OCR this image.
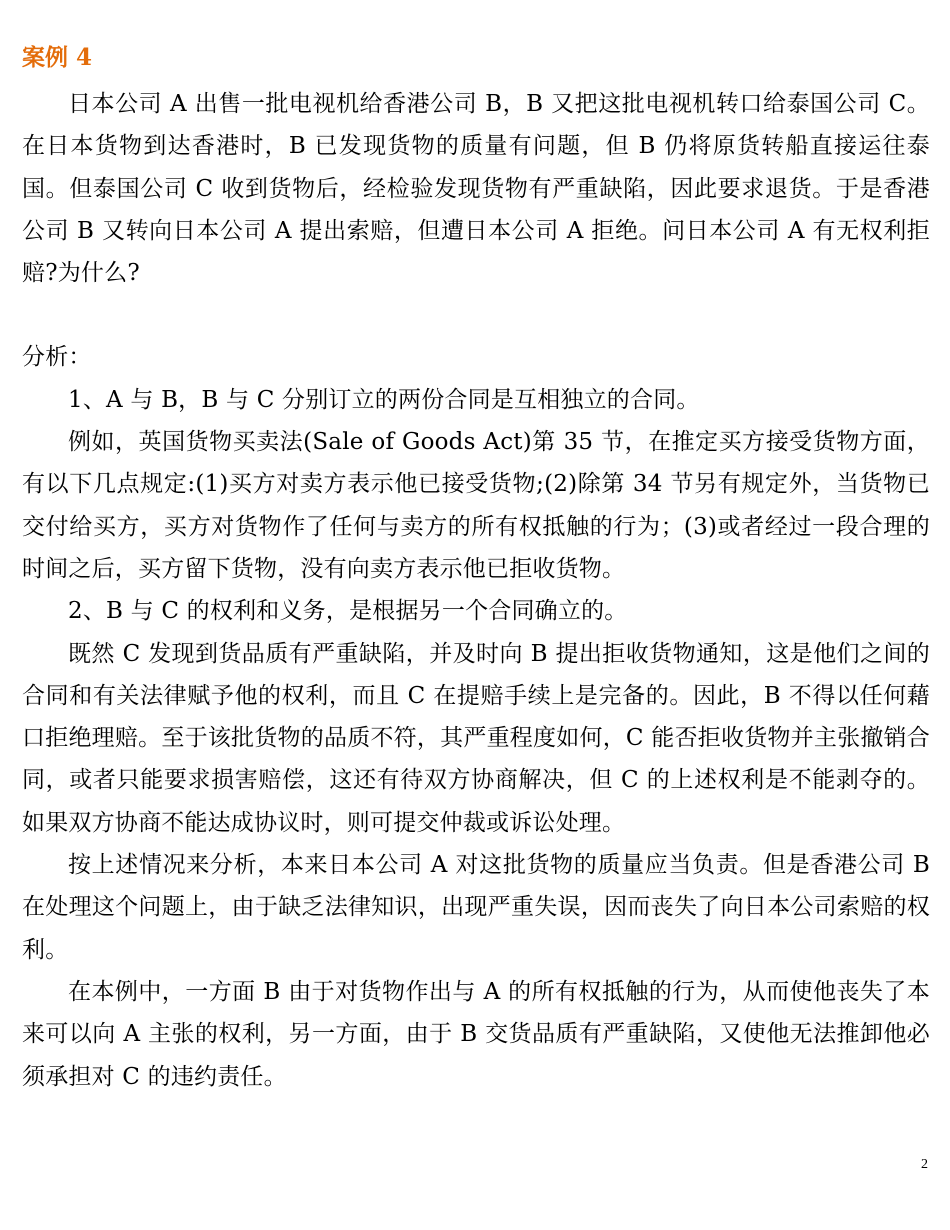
案例 4

日本公司 A 出售一批电视机给香港公司 B，B 又把这批电视机转口给泰国公司 C。在日本货物到达香港时，B 已发现货物的质量有问题，但 B 仍将原货转船直接运往泰国。但泰国公司 C 收到货物后，经检验发现货物有严重缺陷，因此要求退货。于是香港公司 B 又转向日本公司 A 提出索赔，但遭日本公司 A 拒绝。问日本公司 A 有无权利拒赔?为什么?

分析：

1、A 与 B，B 与 C 分别订立的两份合同是互相独立的合同。

例如，英国货物买卖法(Sale of Goods Act)第 35 节，在推定买方接受货物方面，有以下几点规定:(1)买方对卖方表示他已接受货物;(2)除第 34 节另有规定外，当货物已交付给买方，买方对货物作了任何与卖方的所有权抵触的行为；(3)或者经过一段合理的时间之后，买方留下货物，没有向卖方表示他已拒收货物。

2、B 与 C 的权利和义务，是根据另一个合同确立的。

既然 C 发现到货品质有严重缺陷，并及时向 B 提出拒收货物通知，这是他们之间的合同和有关法律赋予他的权利，而且 C 在提赔手续上是完备的。因此，B 不得以任何藉口拒绝理赔。至于该批货物的品质不符，其严重程度如何，C 能否拒收货物并主张撤销合同，或者只能要求损害赔偿，这还有待双方协商解决，但 C 的上述权利是不能剥夺的。如果双方协商不能达成协议时，则可提交仲裁或诉讼处理。

按上述情况来分析，本来日本公司 A 对这批货物的质量应当负责。但是香港公司 B 在处理这个问题上，由于缺乏法律知识，出现严重失误，因而丧失了向日本公司索赔的权利。

在本例中，一方面 B 由于对货物作出与 A 的所有权抵触的行为，从而使他丧失了本来可以向 A 主张的权利，另一方面，由于 B 交货品质有严重缺陷，又使他无法推卸他必须承担对 C 的违约责任。

2
